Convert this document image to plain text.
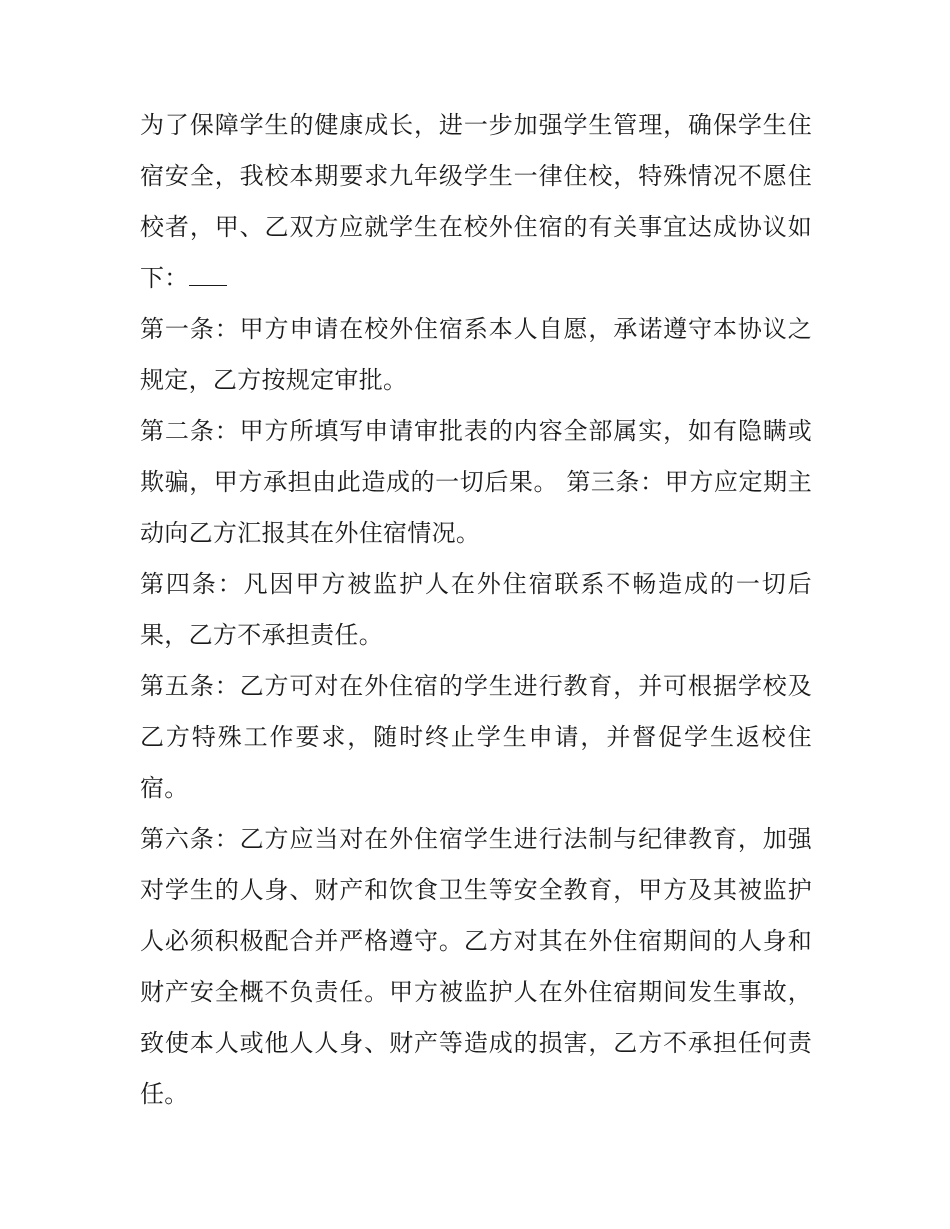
为了保障学生的健康成长，进一步加强学生管理，确保学生住宿安全，我校本期要求九年级学生一律住校，特殊情况不愿住校者，甲、乙双方应就学生在校外住宿的有关事宜达成协议如下：

第一条：甲方申请在校外住宿系本人自愿，承诺遵守本协议之规定，乙方按规定审批。

第二条：甲方所填写申请审批表的内容全部属实，如有隐瞒或欺骗，甲方承担由此造成的一切后果。 第三条：甲方应定期主动向乙方汇报其在外住宿情况。

第四条：凡因甲方被监护人在外住宿联系不畅造成的一切后果，乙方不承担责任。

第五条：乙方可对在外住宿的学生进行教育，并可根据学校及乙方特殊工作要求，随时终止学生申请，并督促学生返校住宿。

第六条：乙方应当对在外住宿学生进行法制与纪律教育，加强对学生的人身、财产和饮食卫生等安全教育，甲方及其被监护人必须积极配合并严格遵守。乙方对其在外住宿期间的人身和财产安全概不负责任。甲方被监护人在外住宿期间发生事故，致使本人或他人人身、财产等造成的损害，乙方不承担任何责任。
